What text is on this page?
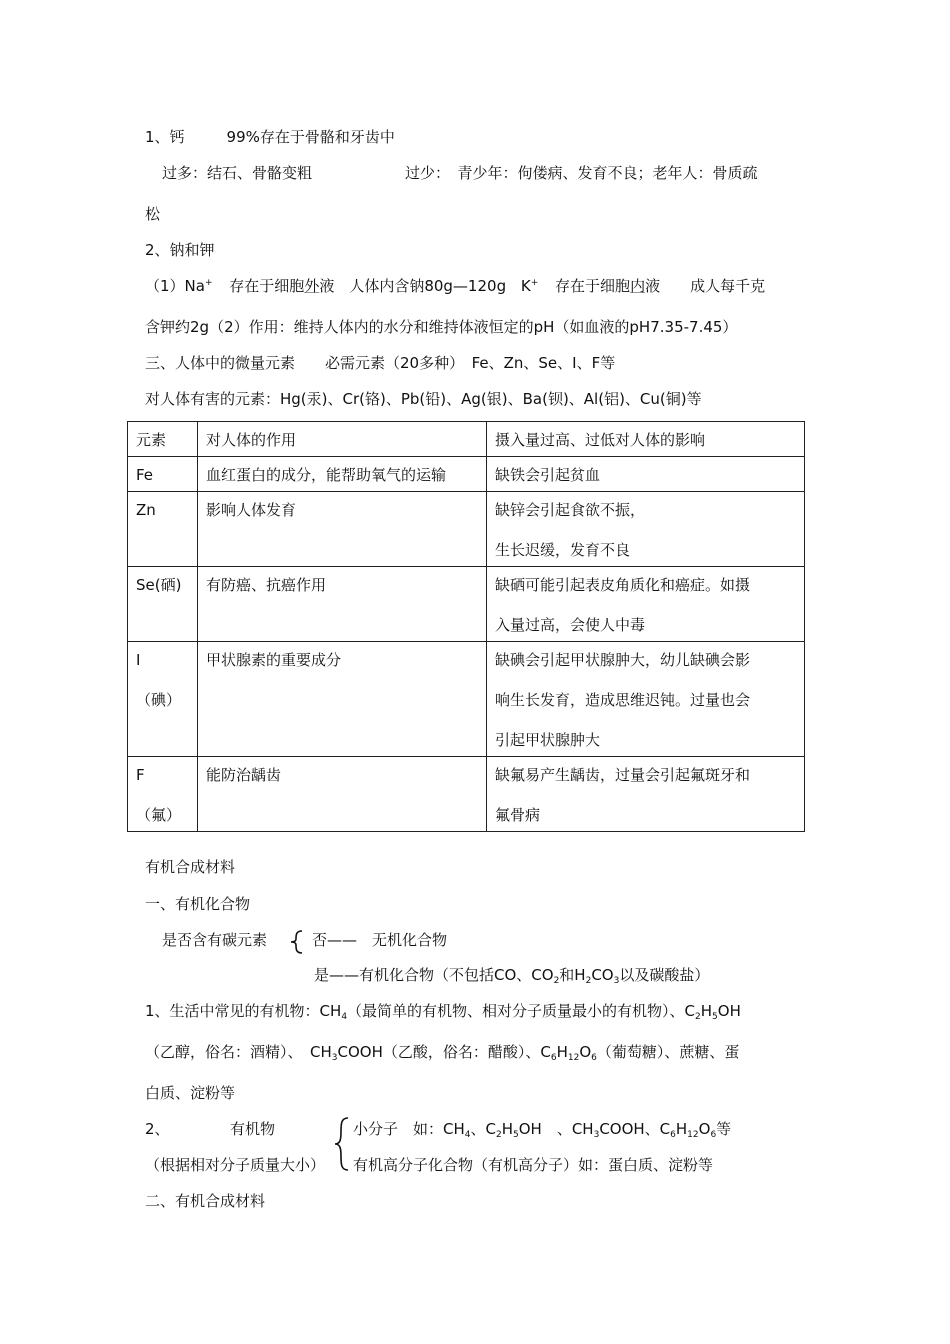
1、钙	99%存在于骨骼和牙齿中
过多：结石、骨骼变粗	过少：　青少年：佝偻病、发育不良；老年人：骨质疏
松
2、钠和钾
（1）Na+ 存在于细胞外液　人体内含钠80g—120g K+ 存在于细胞内液　　成人每千克
含钾约2g（2）作用：维持人体内的水分和维持体液恒定的pH（如血液的pH7.35-7.45）
三、人体中的微量元素　　必需元素（20多种）　Fe、Zn、Se、I、F等
对人体有害的元素：Hg(汞)、Cr(铬)、Pb(铅)、Ag(银)、Ba(钡)、Al(铝)、Cu(铜)等
元素	对人体的作用	摄入量过高、过低对人体的影响

Fe	血红蛋白的成分，能帮助氧气的运输	缺铁会引起贫血

Zn	影响人体发育	缺锌会引起食欲不振，
生长迟缓，发育不良

Se(硒)	有防癌、抗癌作用	缺硒可能引起表皮角质化和癌症。如摄
入量过高，会使人中毒

I
（碘）	甲状腺素的重要成分	缺碘会引起甲状腺肿大，幼儿缺碘会影
响生长发育，造成思维迟钝。过量也会
引起甲状腺肿大

F
（氟）	能防治龋齿	缺氟易产生龋齿，过量会引起氟斑牙和
氟骨病
有机合成材料
一、有机化合物
是否含有碳元素	否——　无机化合物
是——有机化合物（不包括CO、$CO_2$和$H_2CO_3$以及碳酸盐）
1、生活中常见的有机物：$CH_4$（最简单的有机物、相对分子质量最小的有机物）、$C_2H_5OH$
（乙醇，俗名：酒精）、　$CH_3COOH$（乙酸，俗名：醋酸）、$C_6H_{12}O_6$（葡萄糖）、蔗糖、蛋
白质、淀粉等
2、	有机物
（根据相对分子质量大小）
小分子　如：$CH_4$、$C_2H_5OH$　、$CH_3COOH$、$C_6H_{12}O_6$等
有机高分子化合物（有机高分子）如：蛋白质、淀粉等
二、有机合成材料
